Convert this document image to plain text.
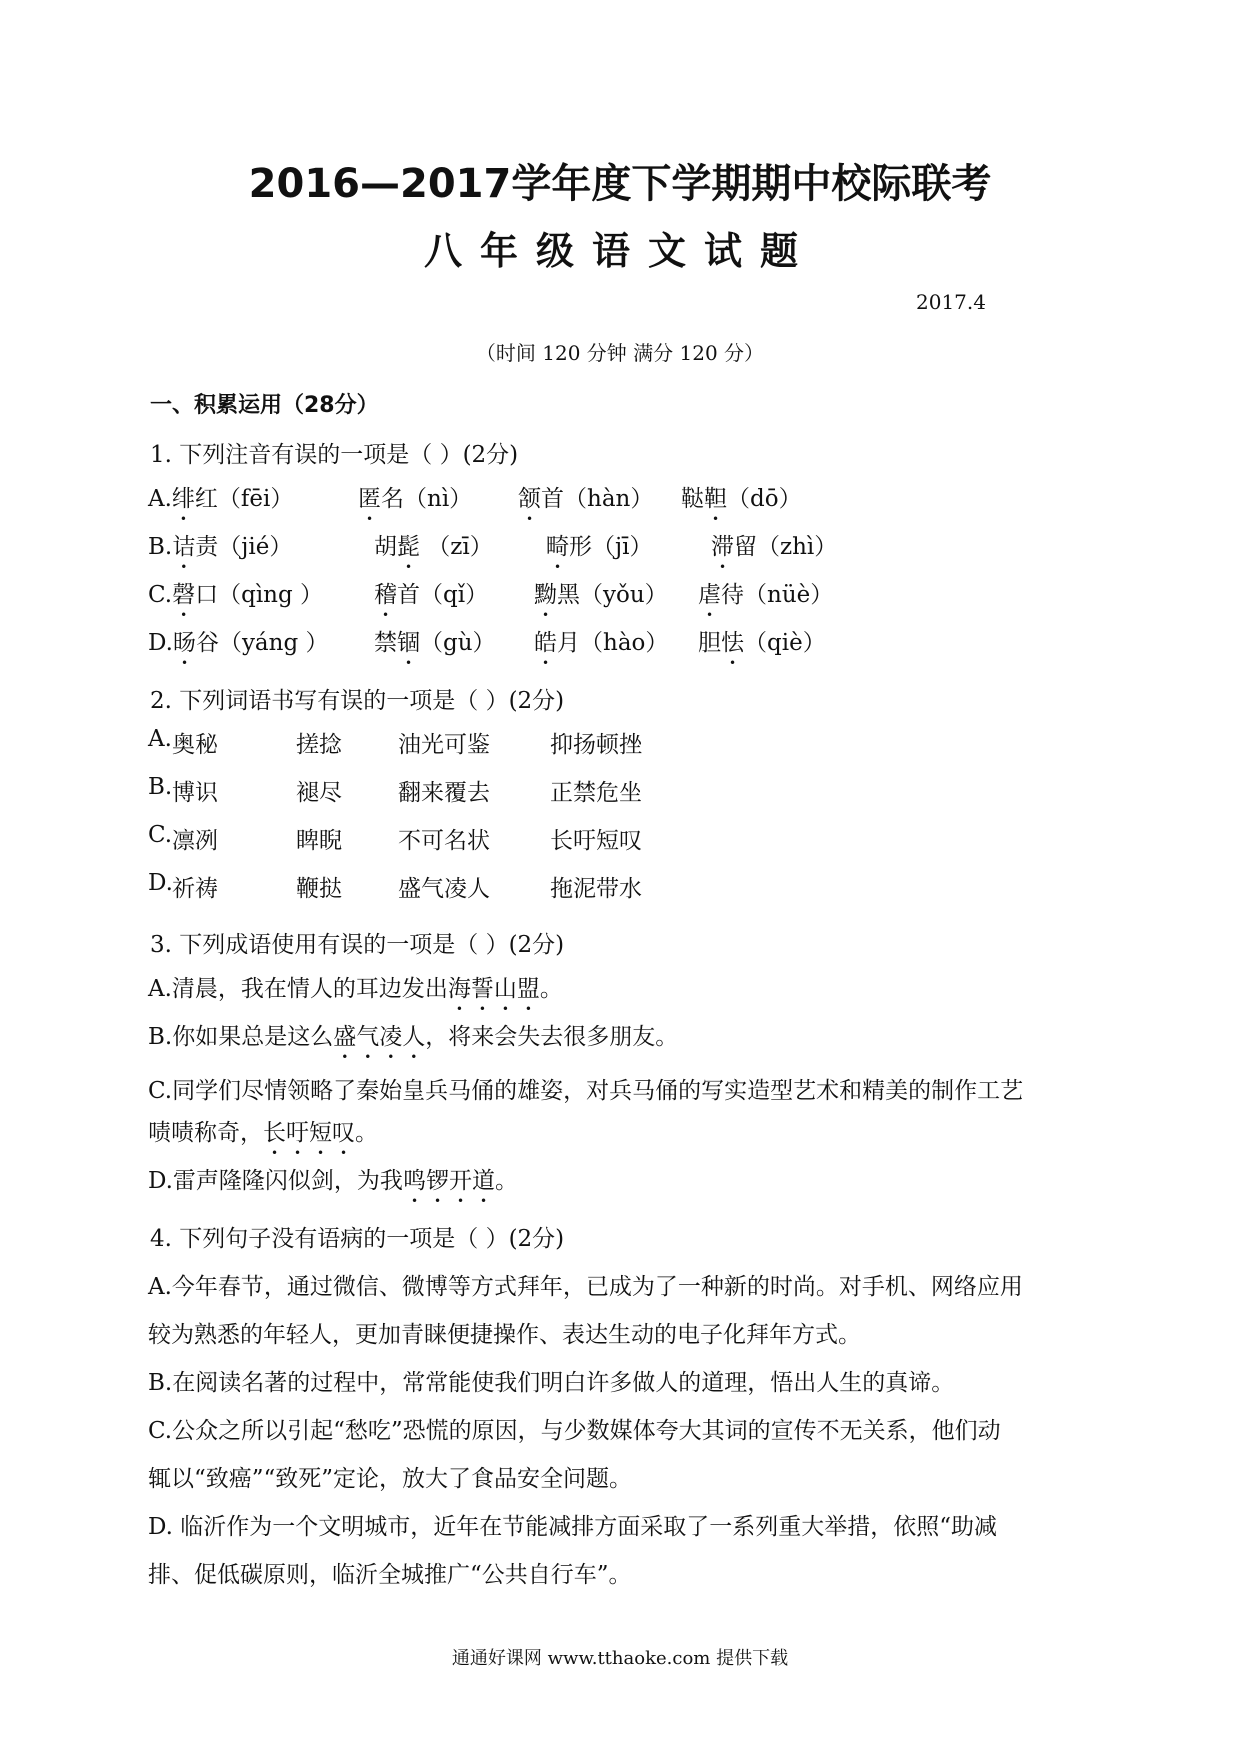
2016—2017学年度下学期期中校际联考
八年级语文试题
2017.4
（时间 120 分钟 满分 120 分）
一、积累运用（28分）
1. 下列注音有误的一项是（ ）(2分)
A.绯红（fēi）	匿名（nì） 颔首（hàn） 鞑靼（dō）
B.诘责（jié）	胡髭 （zī） 畸形（jī）	滞留（zhì）
C.磬口（qìng ） 稽首（qǐ） 黝黑（yǒu） 虐待（nüè）
D.旸谷（yáng ） 禁锢（gù） 皓月（hào） 胆怯（qiè）
2. 下列词语书写有误的一项是（ ）(2分)
A. 奥秘	搓捻 油光可鉴	抑扬顿挫
B. 博识	褪尽 翻来覆去	正禁危坐
C. 凛冽	睥睨 不可名状	长吁短叹
D. 祈祷	鞭挞 盛气凌人	拖泥带水
3. 下列成语使用有误的一项是（ ）(2分)
A.清晨，我在情人的耳边发出海誓山盟。
B.你如果总是这么盛气凌人，将来会失去很多朋友。
C.同学们尽情领略了秦始皇兵马俑的雄姿，对兵马俑的写实造型艺术和精美的制作工艺
啧啧称奇，长吁短叹。
D.雷声隆隆闪似剑，为我鸣锣开道。
4. 下列句子没有语病的一项是（ ）(2分)
A.今年春节，通过微信、微博等方式拜年，已成为了一种新的时尚。对手机、网络应用
较为熟悉的年轻人，更加青睐便捷操作、表达生动的电子化拜年方式。
B.在阅读名著的过程中，常常能使我们明白许多做人的道理，悟出人生的真谛。
C.公众之所以引起“愁吃”恐慌的原因，与少数媒体夸大其词的宣传不无关系，他们动
辄以“致癌”“致死”定论，放大了食品安全问题。
D. 临沂作为一个文明城市，近年在节能减排方面采取了一系列重大举措，依照“助减
排、促低碳原则，临沂全城推广“公共自行车”。
通通好课网 www.tthaoke.com 提供下载
